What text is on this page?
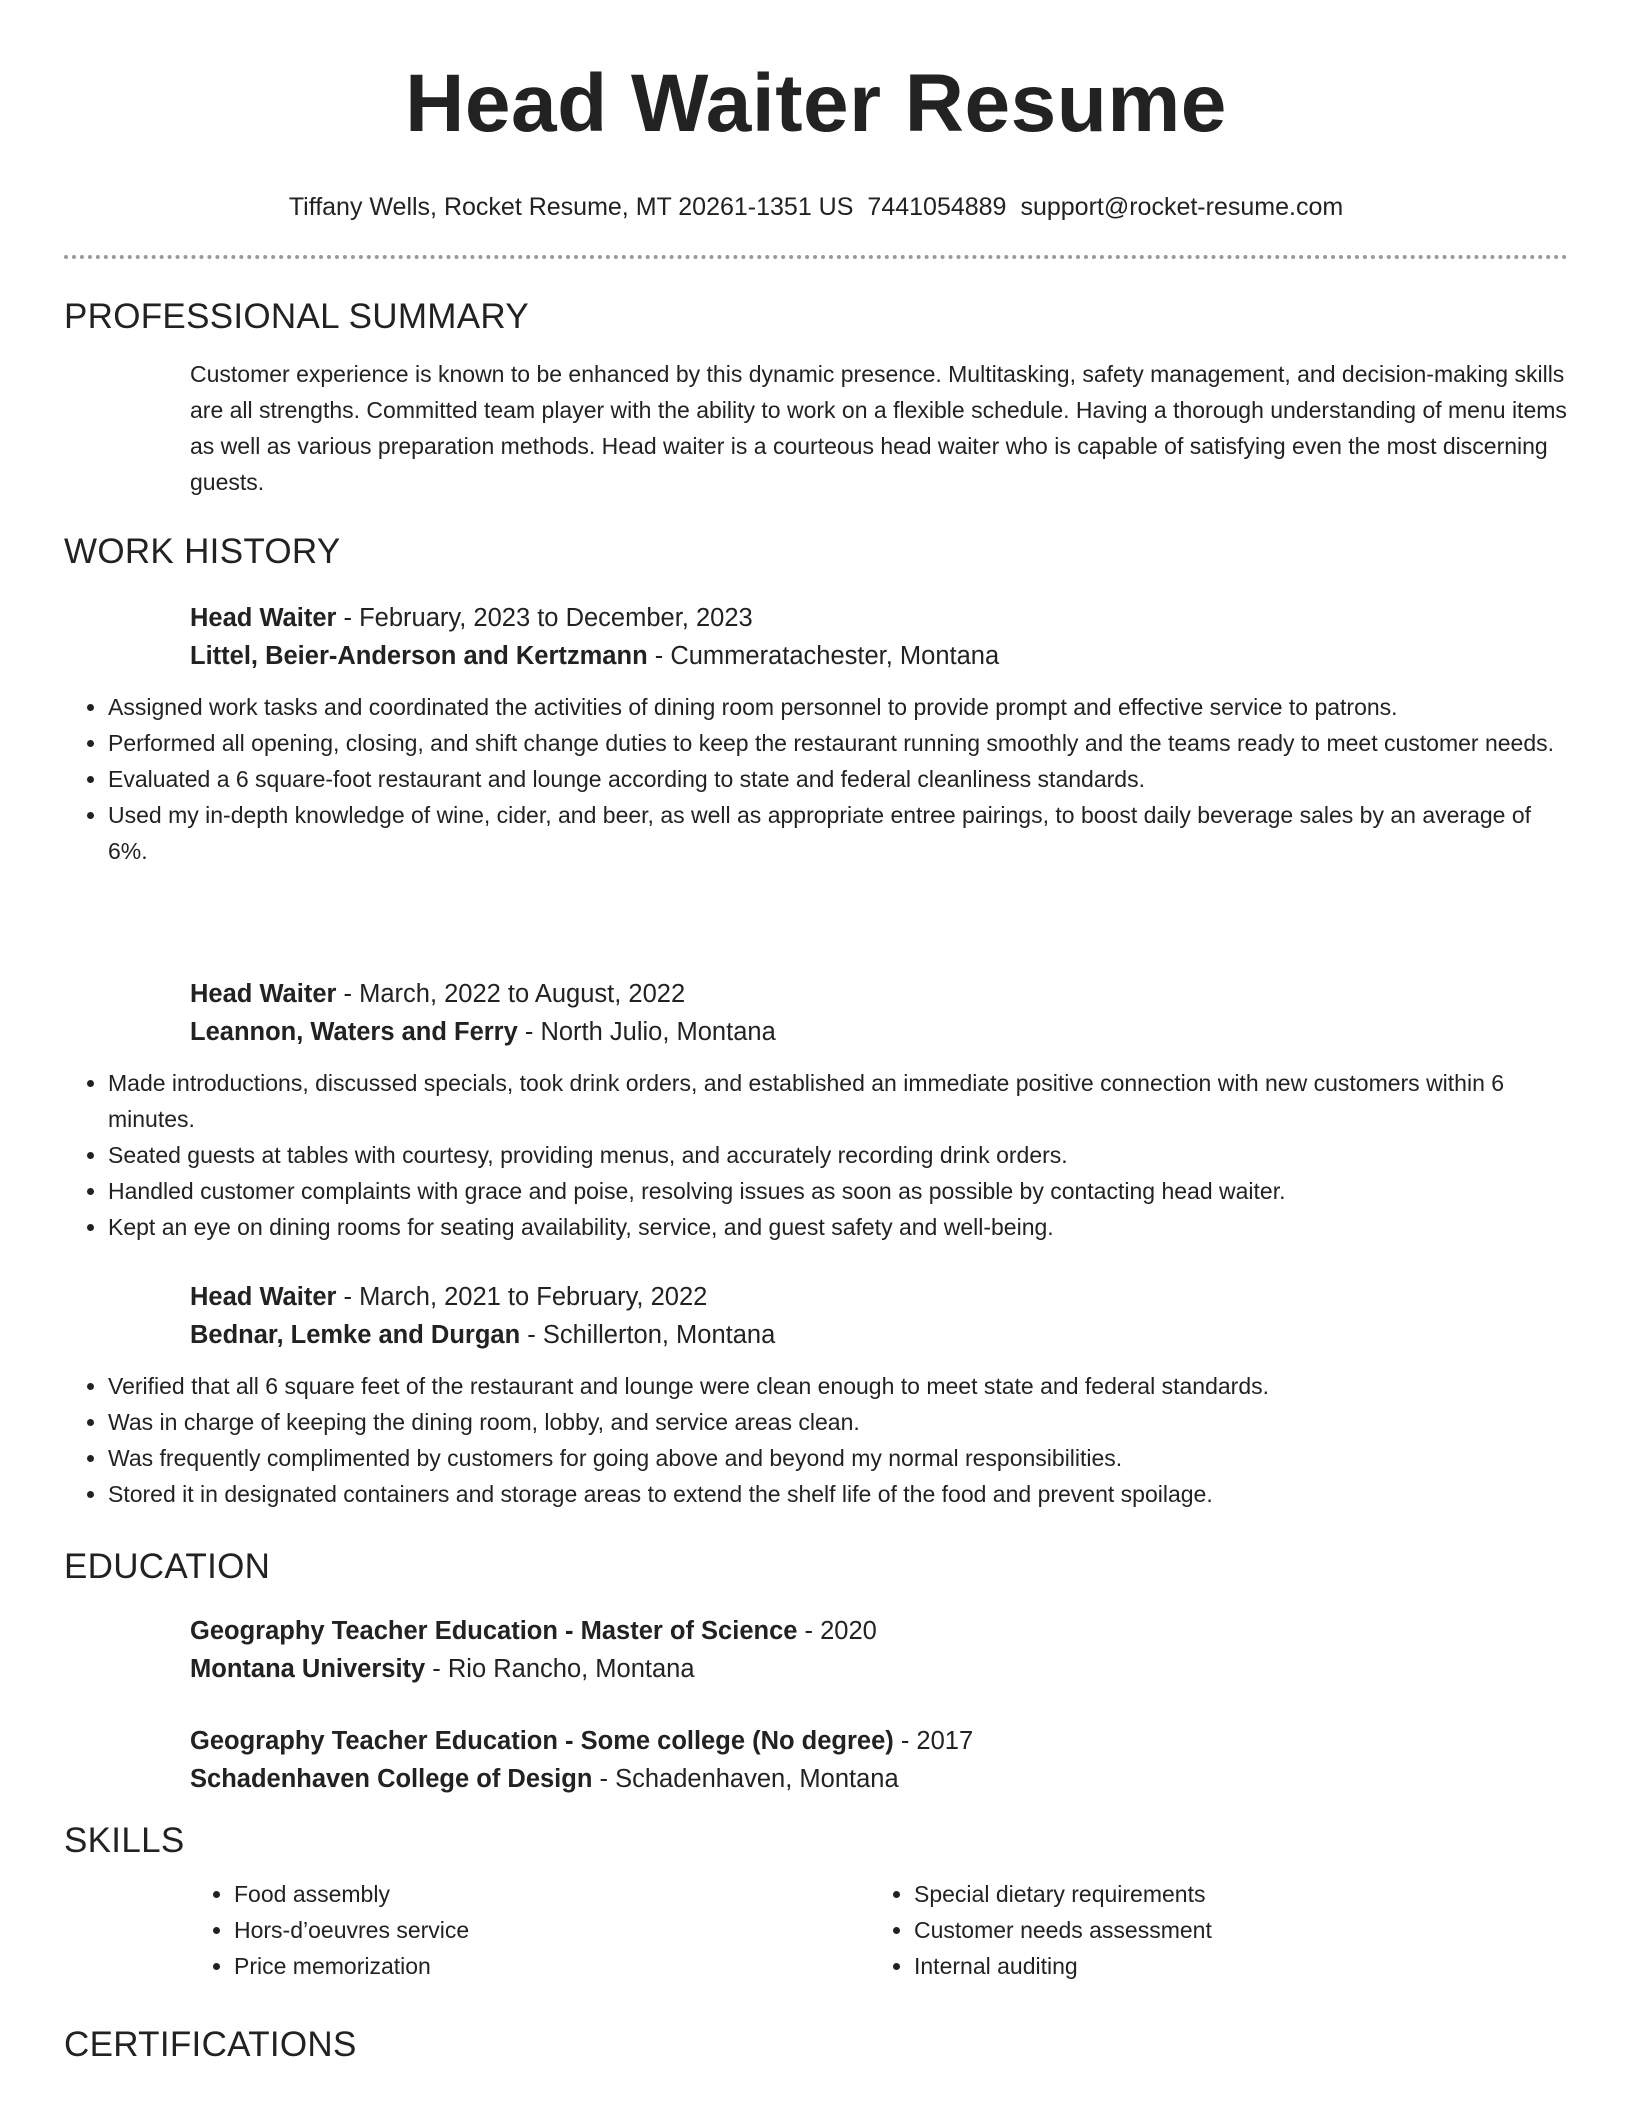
Head Waiter Resume
Tiffany Wells, Rocket Resume, MT 20261-1351 US 7441054889 support@rocket-resume.com
PROFESSIONAL SUMMARY
Customer experience is known to be enhanced by this dynamic presence. Multitasking, safety management, and decision-making skills are all strengths. Committed team player with the ability to work on a flexible schedule. Having a thorough understanding of menu items as well as various preparation methods. Head waiter is a courteous head waiter who is capable of satisfying even the most discerning guests.
WORK HISTORY
Head Waiter - February, 2023 to December, 2023
Littel, Beier-Anderson and Kertzmann - Cummeratachester, Montana
• Assigned work tasks and coordinated the activities of dining room personnel to provide prompt and effective service to patrons.
• Performed all opening, closing, and shift change duties to keep the restaurant running smoothly and the teams ready to meet customer needs.
• Evaluated a 6 square-foot restaurant and lounge according to state and federal cleanliness standards.
• Used my in-depth knowledge of wine, cider, and beer, as well as appropriate entree pairings, to boost daily beverage sales by an average of 6%.
Head Waiter - March, 2022 to August, 2022
Leannon, Waters and Ferry - North Julio, Montana
• Made introductions, discussed specials, took drink orders, and established an immediate positive connection with new customers within 6 minutes.
• Seated guests at tables with courtesy, providing menus, and accurately recording drink orders.
• Handled customer complaints with grace and poise, resolving issues as soon as possible by contacting head waiter.
• Kept an eye on dining rooms for seating availability, service, and guest safety and well-being.
Head Waiter - March, 2021 to February, 2022
Bednar, Lemke and Durgan - Schillerton, Montana
• Verified that all 6 square feet of the restaurant and lounge were clean enough to meet state and federal standards.
• Was in charge of keeping the dining room, lobby, and service areas clean.
• Was frequently complimented by customers for going above and beyond my normal responsibilities.
• Stored it in designated containers and storage areas to extend the shelf life of the food and prevent spoilage.
EDUCATION
Geography Teacher Education - Master of Science - 2020
Montana University - Rio Rancho, Montana
Geography Teacher Education - Some college (No degree) - 2017
Schadenhaven College of Design - Schadenhaven, Montana
SKILLS
• Food assembly
• Hors-d’oeuvres service
• Price memorization
• Special dietary requirements
• Customer needs assessment
• Internal auditing
CERTIFICATIONS
